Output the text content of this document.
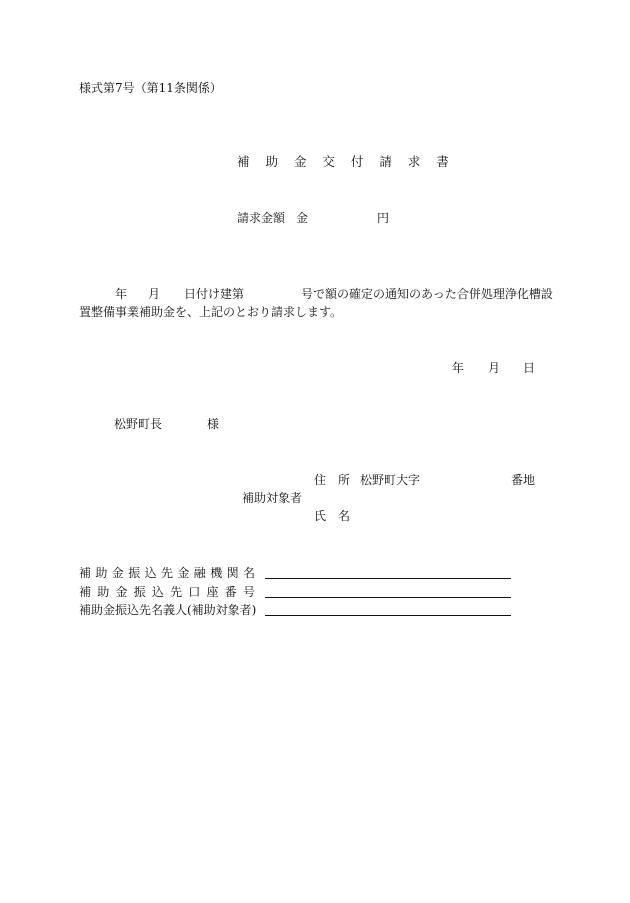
様式第7号（第11条関係）
補 助 金 交 付 請 求 書
請求金額 金	円
年 月 日付け建第	号で額の確定の通知のあった合併処理浄化槽設
置整備事業補助金を、上記のとおり請求します。
年 月 日
松野町長	様
住　所 松野町大字	番地
補助対象者
氏　名
補助金振込先金融機関名
補助金振込先口座番号
補助金振込先名義人(補助対象者)
